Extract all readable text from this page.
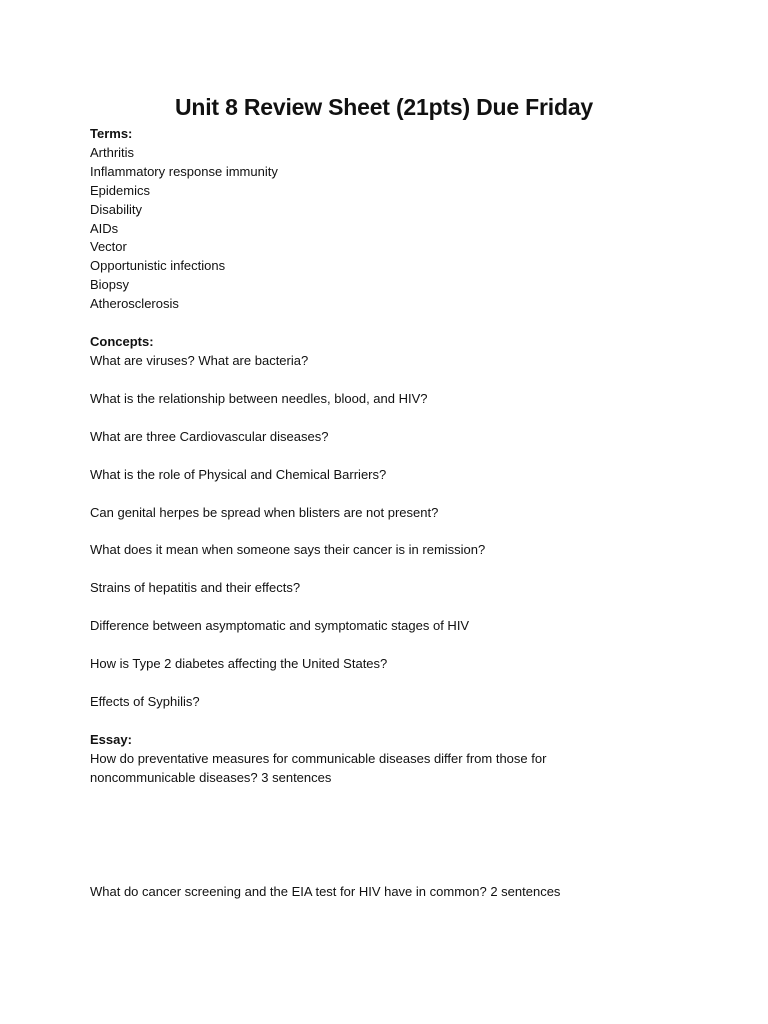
Unit 8 Review Sheet (21pts) Due Friday
Terms:
Arthritis
Inflammatory response immunity
Epidemics
Disability
AIDs
Vector
Opportunistic infections
Biopsy
Atherosclerosis
Concepts:
What are viruses? What are bacteria?
What is the relationship between needles, blood, and HIV?
What are three Cardiovascular diseases?
What is the role of Physical and Chemical Barriers?
Can genital herpes be spread when blisters are not present?
What does it mean when someone says their cancer is in remission?
Strains of hepatitis and their effects?
Difference between asymptomatic and symptomatic stages of HIV
How is Type 2 diabetes affecting the United States?
Effects of Syphilis?
Essay:
How do preventative measures for communicable diseases differ from those for
noncommunicable diseases? 3 sentences
What do cancer screening and the EIA test for HIV have in common? 2 sentences
